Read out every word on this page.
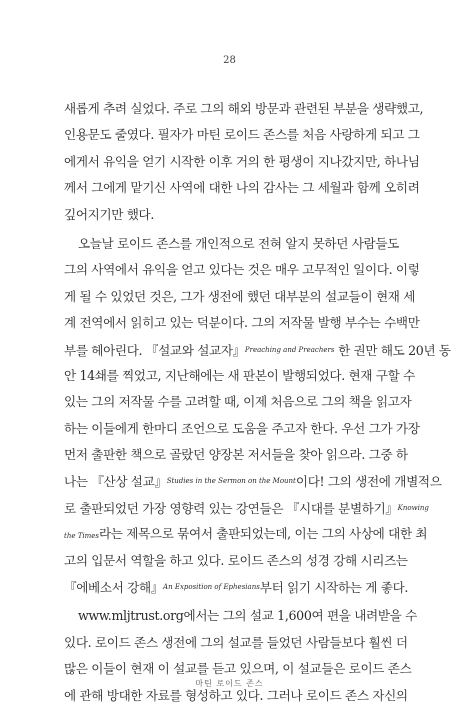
28
새롭게 추려 실었다. 주로 그의 해외 방문과 관련된 부분을 생략했고,
인용문도 줄였다. 필자가 마틴 로이드 존스를 처음 사랑하게 되고 그
에게서 유익을 얻기 시작한 이후 거의 한 평생이 지나갔지만, 하나님
께서 그에게 맡기신 사역에 대한 나의 감사는 그 세월과 함께 오히려
깊어지기만 했다.
오늘날 로이드 존스를 개인적으로 전혀 알지 못하던 사람들도
그의 사역에서 유익을 얻고 있다는 것은 매우 고무적인 일이다. 이렇
게 될 수 있었던 것은, 그가 생전에 했던 대부분의 설교들이 현재 세
계 전역에서 읽히고 있는 덕분이다. 그의 저작물 발행 부수는 수백만
부를 헤아린다. 『설교와 설교자』$^{Preaching and Preachers}$ 한 권만 해도 20년 동
안 14쇄를 찍었고, 지난해에는 새 판본이 발행되었다. 현재 구할 수
있는 그의 저작물 수를 고려할 때, 이제 처음으로 그의 책을 읽고자
하는 이들에게 한마디 조언으로 도움을 주고자 한다. 우선 그가 가장
먼저 출판한 책으로 골랐던 양장본 저서들을 찾아 읽으라. 그중 하
나는 『산상 설교』$^{Studies in the Sermon on the Mount}$이다! 그의 생전에 개별적으
로 출판되었던 가장 영향력 있는 강연들은 『시대를 분별하기』$^{Knowing}$
the Times라는 제목으로 묶여서 출판되었는데, 이는 그의 사상에 대한 최
고의 입문서 역할을 하고 있다. 로이드 존스의 성경 강해 시리즈는
『에베소서 강해』$^{An Exposition of Ephesians}$부터 읽기 시작하는 게 좋다.
www.mljtrust.org에서는 그의 설교 1,600여 편을 내려받을 수
있다. 로이드 존스 생전에 그의 설교를 들었던 사람들보다 훨씬 더
많은 이들이 현재 이 설교를 듣고 있으며, 이 설교들은 로이드 존스
에 관해 방대한 자료를 형성하고 있다. 그러나 로이드 존스 자신의
마틴 로이드 존스
